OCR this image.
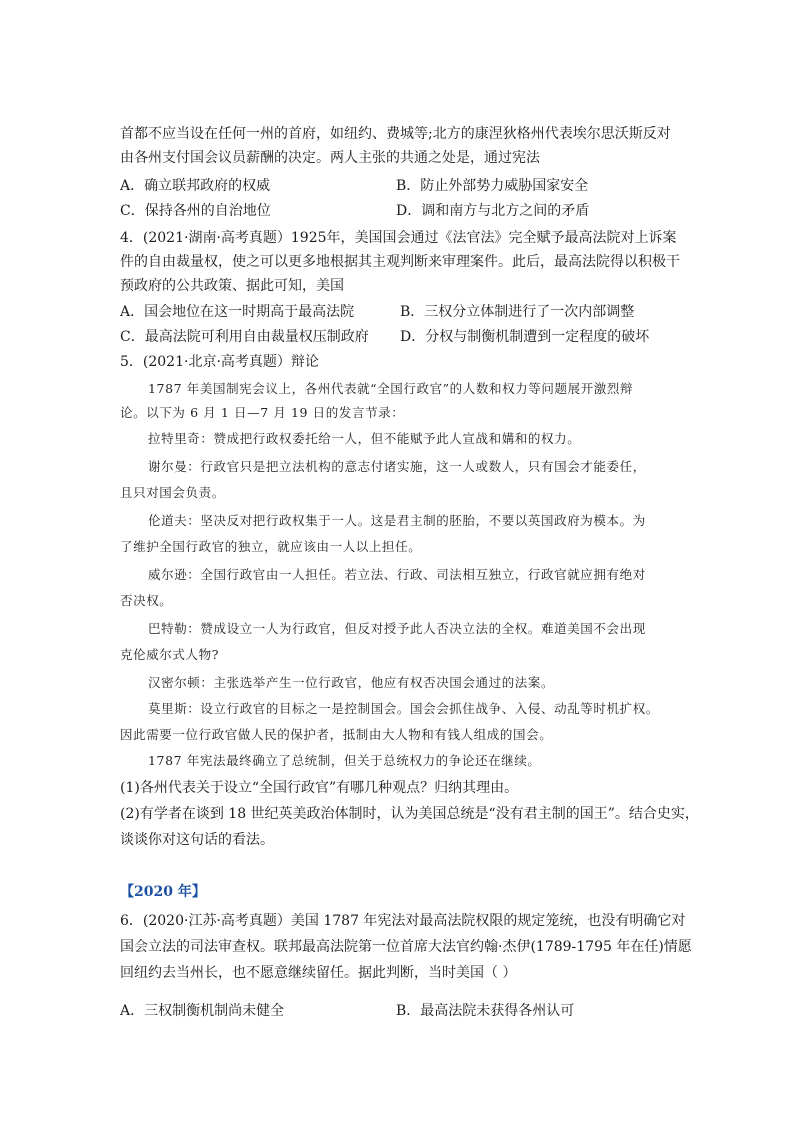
首都不应当设在任何一州的首府，如纽约、费城等;北方的康涅狄格州代表埃尔思沃斯反对
由各州支付国会议员薪酬的决定。两人主张的共通之处是，通过宪法
A．确立联邦政府的权威	B．防止外部势力威胁国家安全
C．保持各州的自治地位	D．调和南方与北方之间的矛盾
4．(2021·湖南·高考真题）1925年，美国国会通过《法官法》完全赋予最高法院对上诉案
件的自由裁量权，使之可以更多地根据其主观判断来审理案件。此后，最高法院得以积极干
预政府的公共政策、据此可知，美国
A．国会地位在这一时期高于最高法院	B．三权分立体制进行了一次内部调整
C．最高法院可利用自由裁量权压制政府 D．分权与制衡机制遭到一定程度的破坏
5．(2021·北京·高考真题）辩论
1787 年美国制宪会议上，各州代表就“全国行政官”的人数和权力等问题展开激烈辩
论。以下为 6 月 1 日—7 月 19 日的发言节录：
拉特里奇：赞成把行政权委托给一人，但不能赋予此人宣战和媾和的权力。
谢尔曼：行政官只是把立法机构的意志付诸实施，这一人或数人，只有国会才能委任，
且只对国会负责。
伦道夫：坚决反对把行政权集于一人。这是君主制的胚胎，不要以英国政府为模本。为
了维护全国行政官的独立，就应该由一人以上担任。
威尔逊：全国行政官由一人担任。若立法、行政、司法相互独立，行政官就应拥有绝对
否决权。
巴特勒：赞成设立一人为行政官，但反对授予此人否决立法的全权。难道美国不会出现
克伦威尔式人物?
汉密尔顿：主张选举产生一位行政官，他应有权否决国会通过的法案。
莫里斯：设立行政官的目标之一是控制国会。国会会抓住战争、入侵、动乱等时机扩权。
因此需要一位行政官做人民的保护者，抵制由大人物和有钱人组成的国会。
1787 年宪法最终确立了总统制，但关于总统权力的争论还在继续。
(1)各州代表关于设立“全国行政官”有哪几种观点？归纳其理由。
(2)有学者在谈到 18 世纪英美政治体制时，认为美国总统是“没有君主制的国王”。结合史实，
谈谈你对这句话的看法。
【2020 年】
6．(2020·江苏·高考真题）美国 1787 年宪法对最高法院权限的规定笼统，也没有明确它对
国会立法的司法审查权。联邦最高法院第一位首席大法官约翰·杰伊(1789-1795 年在任)情愿
回纽约去当州长，也不愿意继续留任。据此判断，当时美国（ ）
A．三权制衡机制尚未健全	B．最高法院未获得各州认可
